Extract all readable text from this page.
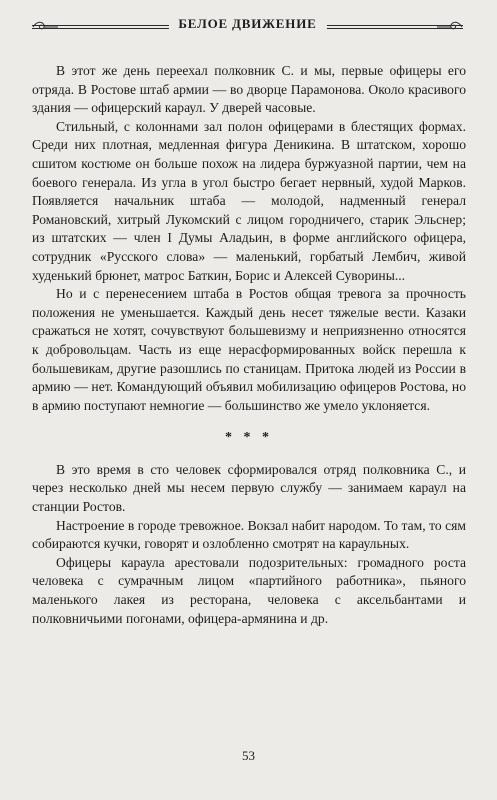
БЕЛОЕ ДВИЖЕНИЕ

В этот же день переехал полковник С. и мы, первые офицеры его отряда. В Ростове штаб армии — во дворце Парамонова. Около красивого здания — офицерский караул. У дверей часовые.

Стильный, с колоннами зал полон офицерами в блестящих формах. Среди них плотная, медленная фигура Деникина. В штатском, хорошо сшитом костюме он больше похож на лидера буржуазной партии, чем на боевого генерала. Из угла в угол быстро бегает нервный, худой Марков. Появляется начальник штаба — молодой, надменный генерал Романовский, хитрый Лукомский с лицом городничего, старик Эльснер; из штатских — член I Думы Аладьин, в форме английского офицера, сотрудник «Русского слова» — маленький, горбатый Лембич, живой худенький брюнет, матрос Баткин, Борис и Алексей Суворины...

Но и с перенесением штаба в Ростов общая тревога за прочность положения не уменьшается. Каждый день несет тяжелые вести. Казаки сражаться не хотят, сочувствуют большевизму и неприязненно относятся к добровольцам. Часть из еще нерасформированных войск перешла к большевикам, другие разошлись по станицам. Притока людей из России в армию — нет. Командующий объявил мобилизацию офицеров Ростова, но в армию поступают немногие — большинство же умело уклоняется.

* * *

В это время в сто человек сформировался отряд полковника С., и через несколько дней мы несем первую службу — занимаем караул на станции Ростов.

Настроение в городе тревожное. Вокзал набит народом. То там, то сям собираются кучки, говорят и озлобленно смотрят на караульных.

Офицеры караула арестовали подозрительных: громадного роста человека с сумрачным лицом «партийного работника», пьяного маленького лакея из ресторана, человека с аксельбантами и полковничьими погонами, офицера-армянина и др.

53
